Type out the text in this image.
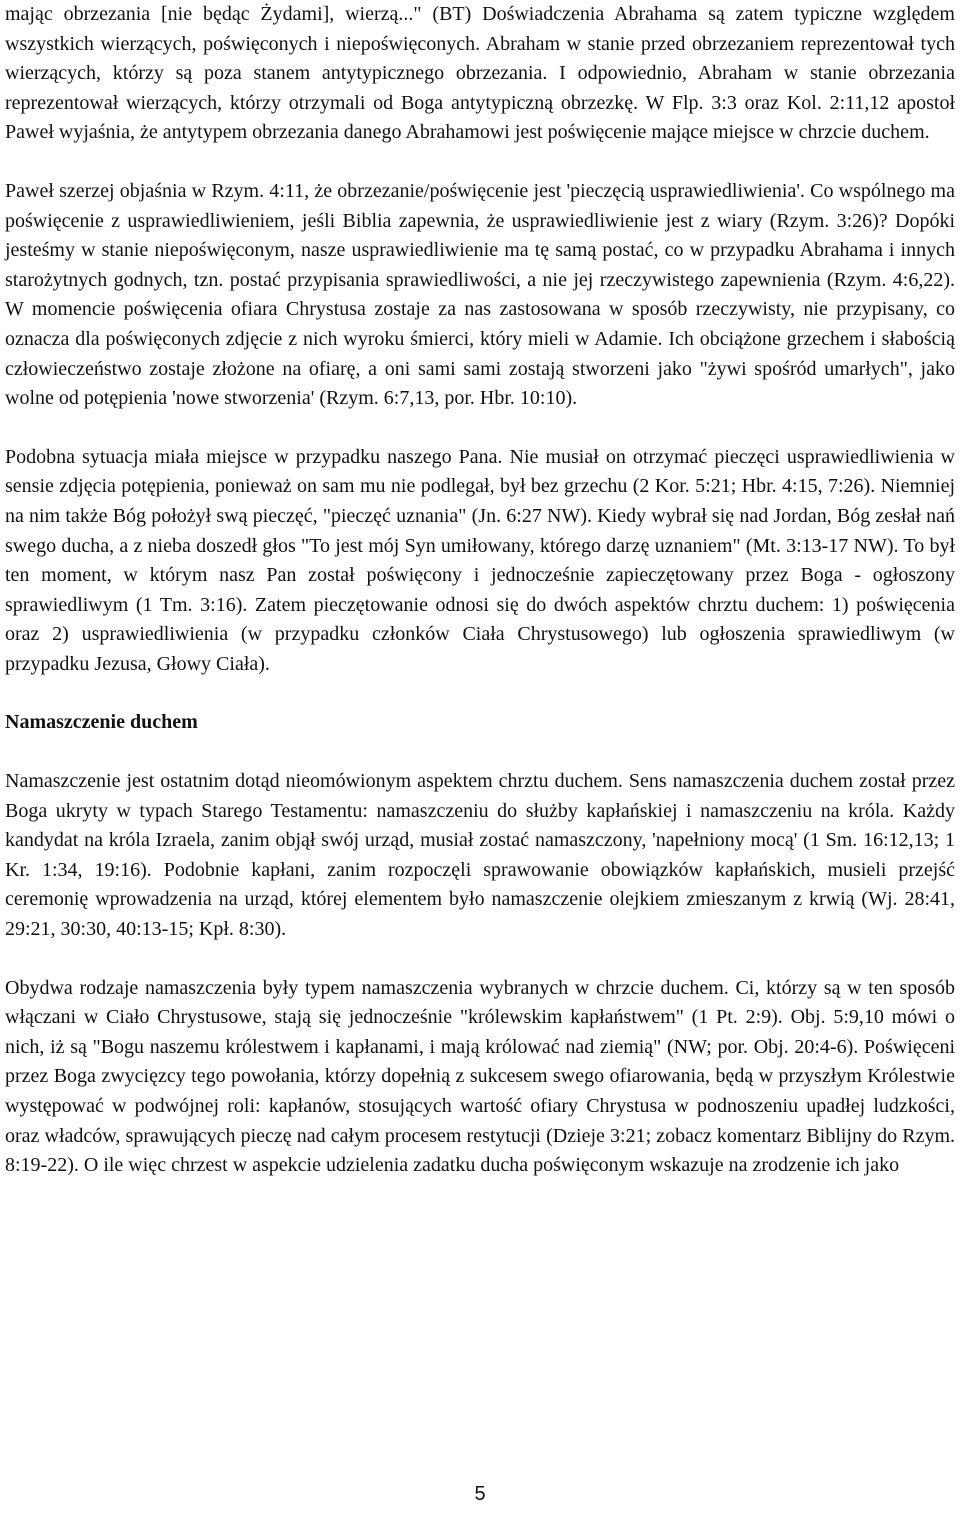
mając obrzezania [nie będąc Żydami], wierzą..." (BT) Doświadczenia Abrahama są zatem typiczne względem wszystkich wierzących, poświęconych i niepoświęconych. Abraham w stanie przed obrzezaniem reprezentował tych wierzących, którzy są poza stanem antytypicznego obrzezania. I odpowiednio, Abraham w stanie obrzezania reprezentował wierzących, którzy otrzymali od Boga antytypiczną obrzezkę. W Flp. 3:3 oraz Kol. 2:11,12 apostoł Paweł wyjaśnia, że antytypem obrzezania danego Abrahamowi jest poświęcenie mające miejsce w chrzcie duchem.

Paweł szerzej objaśnia w Rzym. 4:11, że obrzezanie/poświęcenie jest 'pieczęcią usprawiedliwienia'. Co wspólnego ma poświęcenie z usprawiedliwieniem, jeśli Biblia zapewnia, że usprawiedliwienie jest z wiary (Rzym. 3:26)? Dopóki jesteśmy w stanie niepoświęconym, nasze usprawiedliwienie ma tę samą postać, co w przypadku Abrahama i innych starożytnych godnych, tzn. postać przypisania sprawiedliwości, a nie jej rzeczywistego zapewnienia (Rzym. 4:6,22). W momencie poświęcenia ofiara Chrystusa zostaje za nas zastosowana w sposób rzeczywisty, nie przypisany, co oznacza dla poświęconych zdjęcie z nich wyroku śmierci, który mieli w Adamie. Ich obciążone grzechem i słabością człowieczeństwo zostaje złożone na ofiarę, a oni sami sami zostają stworzeni jako "żywi spośród umarłych", jako wolne od potępienia 'nowe stworzenia' (Rzym. 6:7,13, por. Hbr. 10:10).

Podobna sytuacja miała miejsce w przypadku naszego Pana. Nie musiał on otrzymać pieczęci usprawiedliwienia w sensie zdjęcia potępienia, ponieważ on sam mu nie podlegał, był bez grzechu (2 Kor. 5:21; Hbr. 4:15, 7:26). Niemniej na nim także Bóg położył swą pieczęć, "pieczęć uznania" (Jn. 6:27 NW). Kiedy wybrał się nad Jordan, Bóg zesłał nań swego ducha, a z nieba doszedł głos "To jest mój Syn umiłowany, którego darzę uznaniem" (Mt. 3:13-17 NW). To był ten moment, w którym nasz Pan został poświęcony i jednocześnie zapieczętowany przez Boga - ogłoszony sprawiedliwym (1 Tm. 3:16). Zatem pieczętowanie odnosi się do dwóch aspektów chrztu duchem: 1) poświęcenia oraz 2) usprawiedliwienia (w przypadku członków Ciała Chrystusowego) lub ogłoszenia sprawiedliwym (w przypadku Jezusa, Głowy Ciała).

Namaszczenie duchem

Namaszczenie jest ostatnim dotąd nieomówionym aspektem chrztu duchem. Sens namaszczenia duchem został przez Boga ukryty w typach Starego Testamentu: namaszczeniu do służby kapłańskiej i namaszczeniu na króla. Każdy kandydat na króla Izraela, zanim objął swój urząd, musiał zostać namaszczony, 'napełniony mocą' (1 Sm. 16:12,13; 1 Kr. 1:34, 19:16). Podobnie kapłani, zanim rozpoczęli sprawowanie obowiązków kapłańskich, musieli przejść ceremonię wprowadzenia na urząd, której elementem było namaszczenie olejkiem zmieszanym z krwią (Wj. 28:41, 29:21, 30:30, 40:13-15; Kpł. 8:30).

Obydwa rodzaje namaszczenia były typem namaszczenia wybranych w chrzcie duchem. Ci, którzy są w ten sposób włączani w Ciało Chrystusowe, stają się jednocześnie "królewskim kapłaństwem" (1 Pt. 2:9). Obj. 5:9,10 mówi o nich, iż są "Bogu naszemu królestwem i kapłanami, i mają królować nad ziemią" (NW; por. Obj. 20:4-6). Poświęceni przez Boga zwycięzcy tego powołania, którzy dopełnią z sukcesem swego ofiarowania, będą w przyszłym Królestwie występować w podwójnej roli: kapłanów, stosujących wartość ofiary Chrystusa w podnoszeniu upadłej ludzkości, oraz władców, sprawujących pieczę nad całym procesem restytucji (Dzieje 3:21; zobacz komentarz Biblijny do Rzym. 8:19-22). O ile więc chrzest w aspekcie udzielenia zadatku ducha poświęconym wskazuje na zrodzenie ich jako

5
